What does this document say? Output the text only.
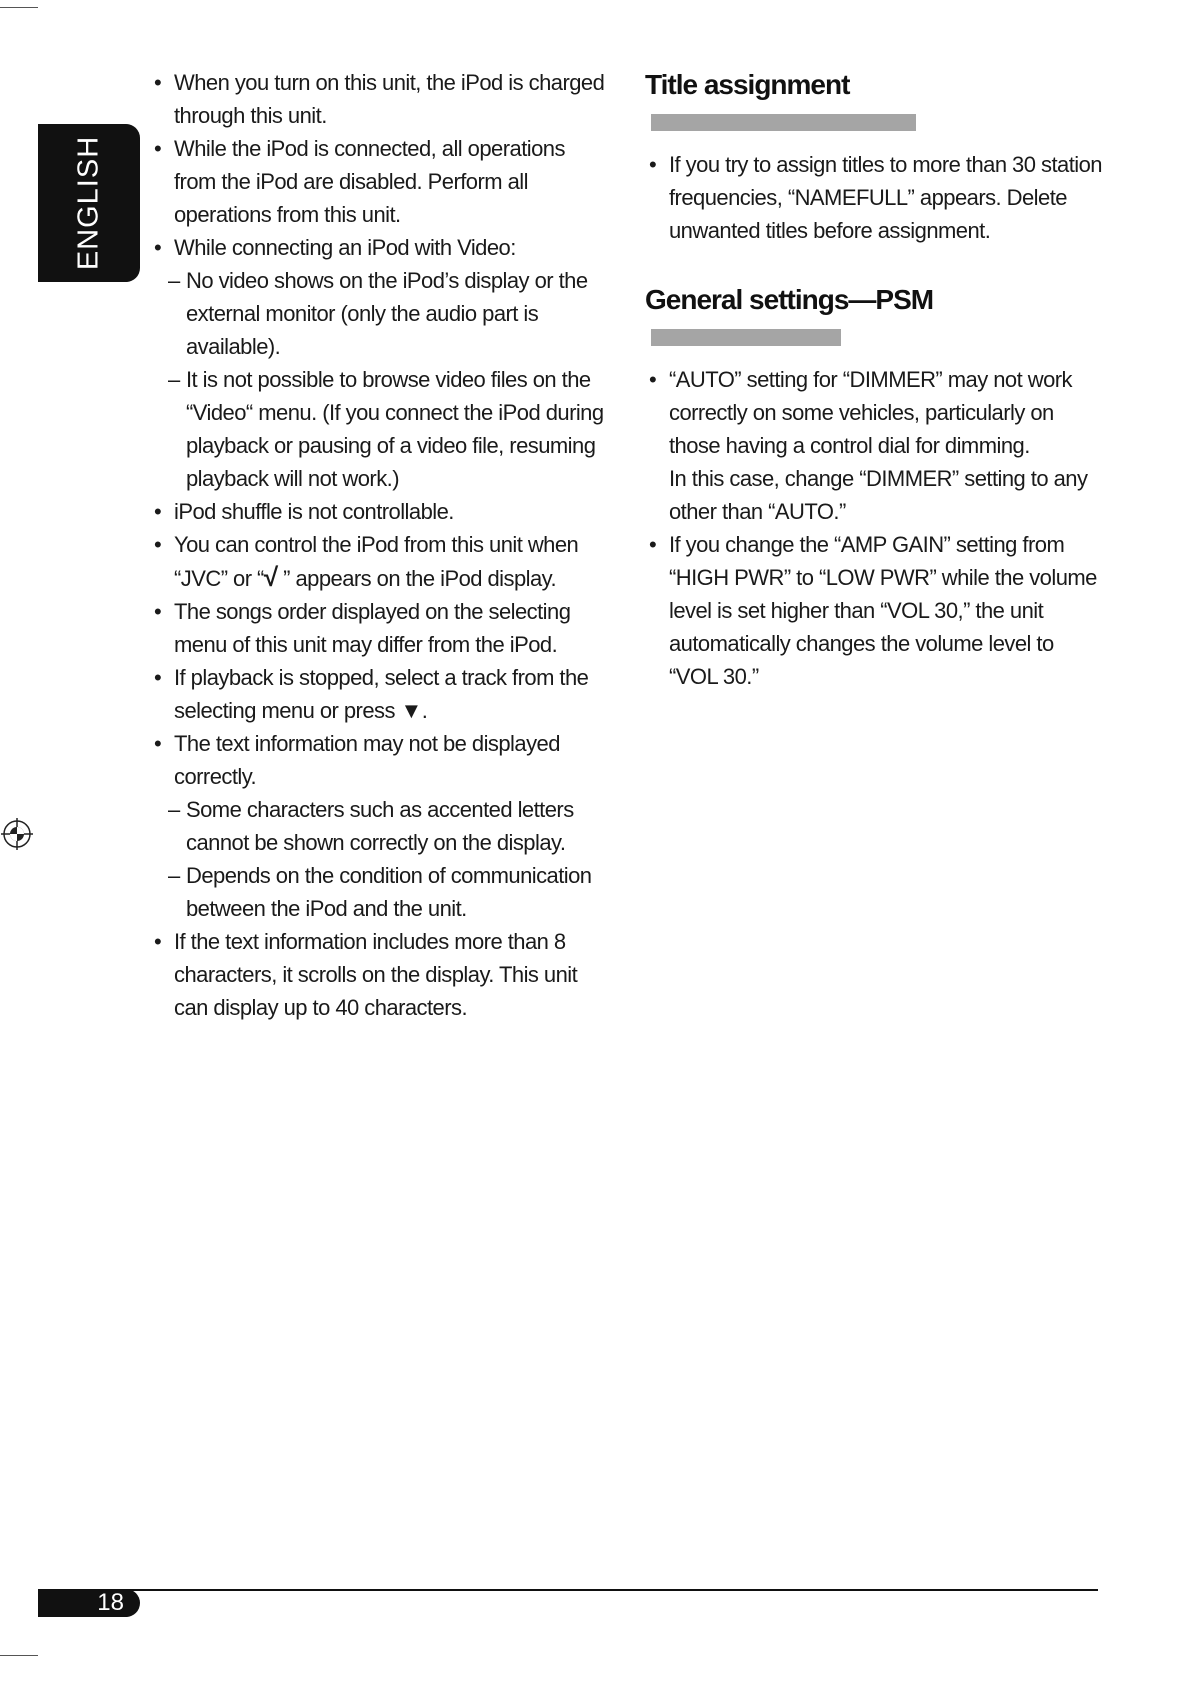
ENGLISH
• When you turn on this unit, the iPod is charged through this unit.
• While the iPod is connected, all operations from the iPod are disabled. Perform all operations from this unit.
• While connecting an iPod with Video:
– No video shows on the iPod’s display or the external monitor (only the audio part is available).
– It is not possible to browse video files on the “Video“ menu. (If you connect the iPod during playback or pausing of a video file, resuming playback will not work.)
• iPod shuffle is not controllable.
• You can control the iPod from this unit when “JVC” or “√ ” appears on the iPod display.
• The songs order displayed on the selecting menu of this unit may differ from the iPod.
• If playback is stopped, select a track from the selecting menu or press ▼.
• The text information may not be displayed correctly.
– Some characters such as accented letters cannot be shown correctly on the display.
– Depends on the condition of communication between the iPod and the unit.
• If the text information includes more than 8 characters, it scrolls on the display. This unit can display up to 40 characters.
Title assignment
• If you try to assign titles to more than 30 station frequencies, “NAMEFULL” appears. Delete unwanted titles before assignment.
General settings—PSM
• “AUTO” setting for “DIMMER” may not work correctly on some vehicles, particularly on those having a control dial for dimming.
In this case, change “DIMMER” setting to any other than “AUTO.”
• If you change the “AMP GAIN” setting from “HIGH PWR” to “LOW PWR” while the volume level is set higher than “VOL 30,” the unit automatically changes the volume level to “VOL 30.”
18
